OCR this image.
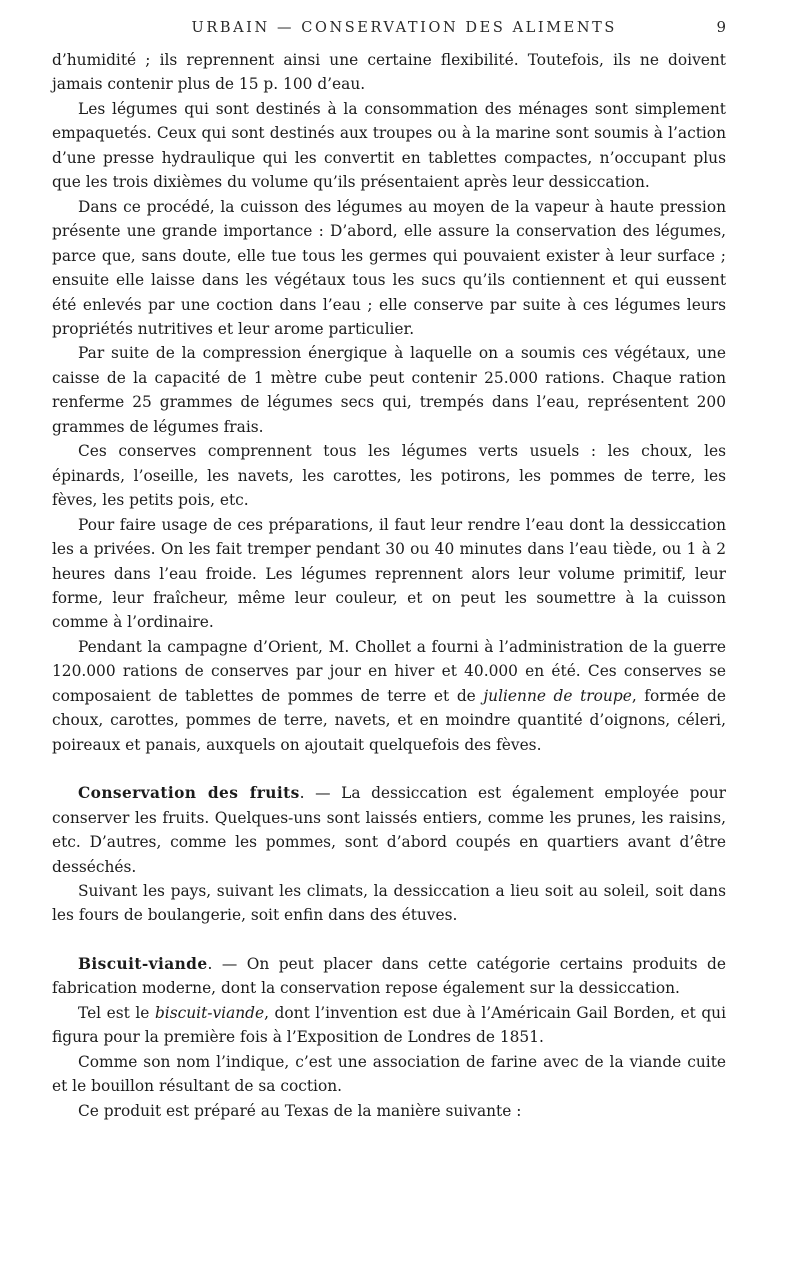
URBAIN — CONSERVATION DES ALIMENTS	9

d’humidité ; ils reprennent ainsi une certaine flexibilité. Toutefois, ils ne doivent jamais contenir plus de 15 p. 100 d’eau.

Les légumes qui sont destinés à la consommation des ménages sont simplement empaquetés. Ceux qui sont destinés aux troupes ou à la marine sont soumis à l’action d’une presse hydraulique qui les convertit en tablettes compactes, n’occupant plus que les trois dixièmes du volume qu’ils présentaient après leur dessiccation.

Dans ce procédé, la cuisson des légumes au moyen de la vapeur à haute pression présente une grande importance : D’abord, elle assure la conservation des légumes, parce que, sans doute, elle tue tous les germes qui pouvaient exister à leur surface ; ensuite elle laisse dans les végétaux tous les sucs qu’ils contiennent et qui eussent été enlevés par une coction dans l’eau ; elle conserve par suite à ces légumes leurs propriétés nutritives et leur arome particulier.

Par suite de la compression énergique à laquelle on a soumis ces végétaux, une caisse de la capacité de 1 mètre cube peut contenir 25.000 rations. Chaque ration renferme 25 grammes de légumes secs qui, trempés dans l’eau, représentent 200 grammes de légumes frais.

Ces conserves comprennent tous les légumes verts usuels : les choux, les épinards, l’oseille, les navets, les carottes, les potirons, les pommes de terre, les fèves, les petits pois, etc.

Pour faire usage de ces préparations, il faut leur rendre l’eau dont la dessiccation les a privées. On les fait tremper pendant 30 ou 40 minutes dans l’eau tiède, ou 1 à 2 heures dans l’eau froide. Les légumes reprennent alors leur volume primitif, leur forme, leur fraîcheur, même leur couleur, et on peut les soumettre à la cuisson comme à l’ordinaire.

Pendant la campagne d’Orient, M. Chollet a fourni à l’administration de la guerre 120.000 rations de conserves par jour en hiver et 40.000 en été. Ces conserves se composaient de tablettes de pommes de terre et de julienne de troupe, formée de choux, carottes, pommes de terre, navets, et en moindre quantité d’oignons, céleri, poireaux et panais, auxquels on ajoutait quelquefois des fèves.

Conservation des fruits. — La dessiccation est également employée pour conserver les fruits. Quelques-uns sont laissés entiers, comme les prunes, les raisins, etc. D’autres, comme les pommes, sont d’abord coupés en quartiers avant d’être desséchés.

Suivant les pays, suivant les climats, la dessiccation a lieu soit au soleil, soit dans les fours de boulangerie, soit enfin dans des étuves.

Biscuit-viande. — On peut placer dans cette catégorie certains produits de fabrication moderne, dont la conservation repose également sur la dessiccation.

Tel est le biscuit-viande, dont l’invention est due à l’Américain Gail Borden, et qui figura pour la première fois à l’Exposition de Londres de 1851.

Comme son nom l’indique, c’est une association de farine avec de la viande cuite et le bouillon résultant de sa coction.

Ce produit est préparé au Texas de la manière suivante :
